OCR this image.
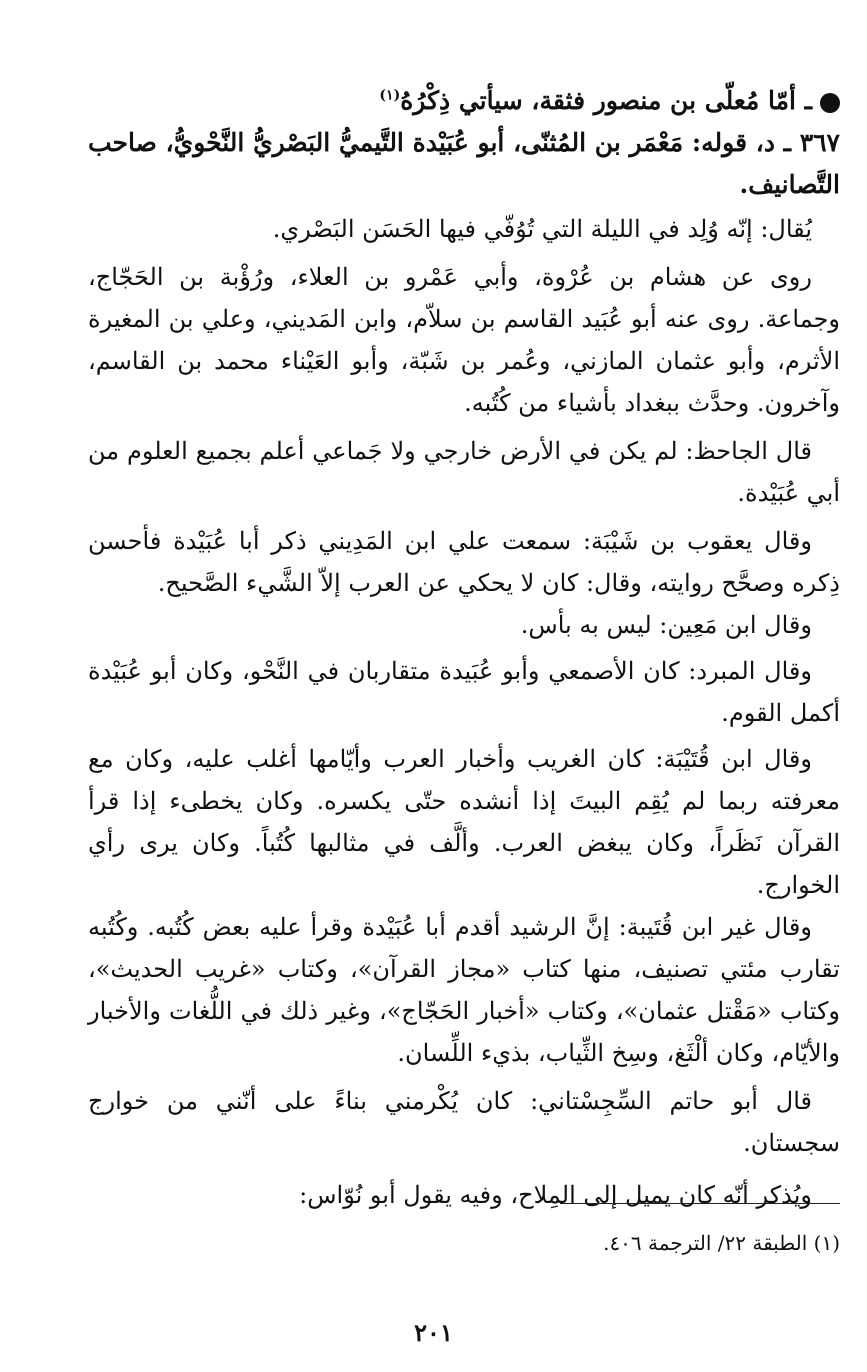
ـ أمّا مُعلّى بن منصور فثقة، سيأتي ذِكْرُهُ$^{(١)}$

٣٦٧ ـ د، قوله: مَعْمَر بن المُثنّى، أبو عُبَيْدة التَّيميُّ البَصْريُّ النَّحْويُّ، صاحب التَّصانيف.

يُقال: إنّه وُلِد في الليلة التي تُوُفّي فيها الحَسَن البَصْري.

روى عن هشام بن عُرْوة، وأبي عَمْرو بن العلاء، ورُؤْبة بن الحَجّاج، وجماعة. روى عنه أبو عُبَيد القاسم بن سلاّم، وابن المَديني، وعلي بن المغيرة الأثرم، وأبو عثمان المازني، وعُمر بن شَبّة، وأبو العَيْناء محمد بن القاسم، وآخرون. وحدَّث ببغداد بأشياء من كُتُبه.

قال الجاحظ: لم يكن في الأرض خارجي ولا جَماعي أعلم بجميع العلوم من أبي عُبَيْدة.

وقال يعقوب بن شَيْبَة: سمعت علي ابن المَدِيني ذكر أبا عُبَيْدة فأحسن ذِكره وصحَّح روايته، وقال: كان لا يحكي عن العرب إلاّ الشَّيء الصَّحيح.

وقال ابن مَعِين: ليس به بأس.

وقال المبرد: كان الأصمعي وأبو عُبَيدة متقاربان في النَّحْو، وكان أبو عُبَيْدة أكمل القوم.

وقال ابن قُتَيْبَة: كان الغريب وأخبار العرب وأيّامها أغلب عليه، وكان مع معرفته ربما لم يُقِم البيتَ إذا أنشده حتّى يكسره. وكان يخطىء إذا قرأ القرآن نَظَراً، وكان يبغض العرب. وألَّف في مثالبها كُتُباً. وكان يرى رأي الخوارج.

وقال غير ابن قُتَيبة: إنَّ الرشيد أقدم أبا عُبَيْدة وقرأ عليه بعض كُتُبه. وكُتُبه تقارب مئتي تصنيف، منها كتاب «مجاز القرآن»، وكتاب «غريب الحديث»، وكتاب «مَقْتل عثمان»، وكتاب «أخبار الحَجّاج»، وغير ذلك في اللُّغات والأخبار والأيّام، وكان ألْثَغ، وسِخ الثِّياب، بذيء اللِّسان.

قال أبو حاتم السِّجِسْتاني: كان يُكْرمني بناءً على أنّني من خوارج سجستان.

ويُذكر أنّه كان يميل إلى المِلاح، وفيه يقول أبو نُوّاس:

(١) الطبقة ٢٢/ الترجمة ٤٠٦.
٢٠١
